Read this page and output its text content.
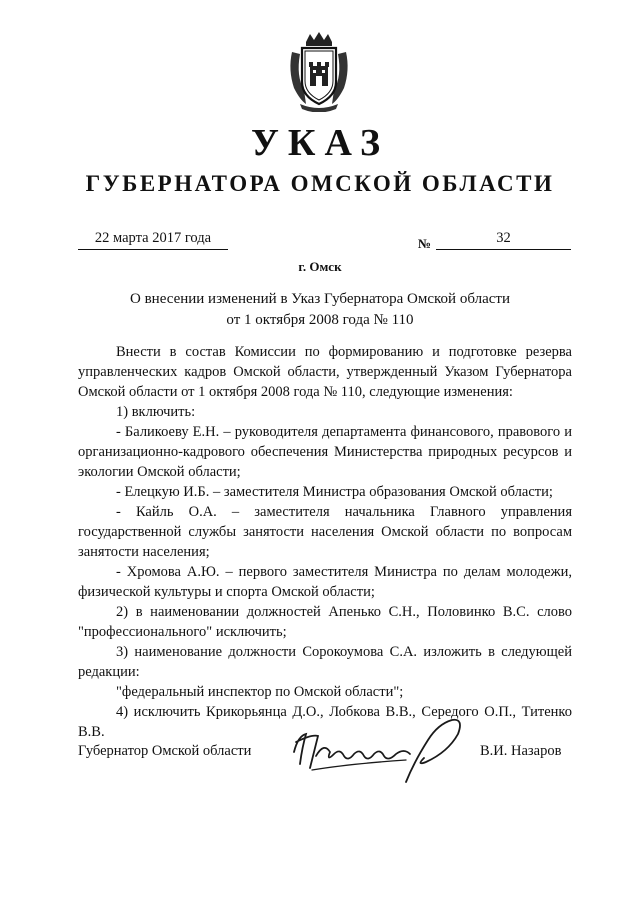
УКАЗ
ГУБЕРНАТОРА ОМСКОЙ ОБЛАСТИ
22 марта 2017 года	№	32
г. Омск
О внесении изменений в Указ Губернатора Омской области
от 1 октября 2008 года № 110

Внести в состав Комиссии по формированию и подготовке резерва управленческих кадров Омской области, утвержденный Указом Губернатора Омской области от 1 октября 2008 года № 110, следующие изменения:

1) включить:

- Баликоеву Е.Н. – руководителя департамента финансового, правового и организационно-кадрового обеспечения Министерства природных ресурсов и экологии Омской области;

- Елецкую И.Б. – заместителя Министра образования Омской области;

- Кайль О.А. – заместителя начальника Главного управления государственной службы занятости населения Омской области по вопросам занятости населения;

- Хромова А.Ю. – первого заместителя Министра по делам молодежи, физической культуры и спорта Омской области;

2) в наименовании должностей Апенько С.Н., Половинко В.С. слово "профессионального" исключить;

3) наименование должности Сорокоумова С.А. изложить в следующей редакции:

"федеральный инспектор по Омской области";

4) исключить Крикорьянца Д.О., Лобкова В.В., Середого О.П., Титенко В.В.

Губернатор Омской области	В.И. Назаров
